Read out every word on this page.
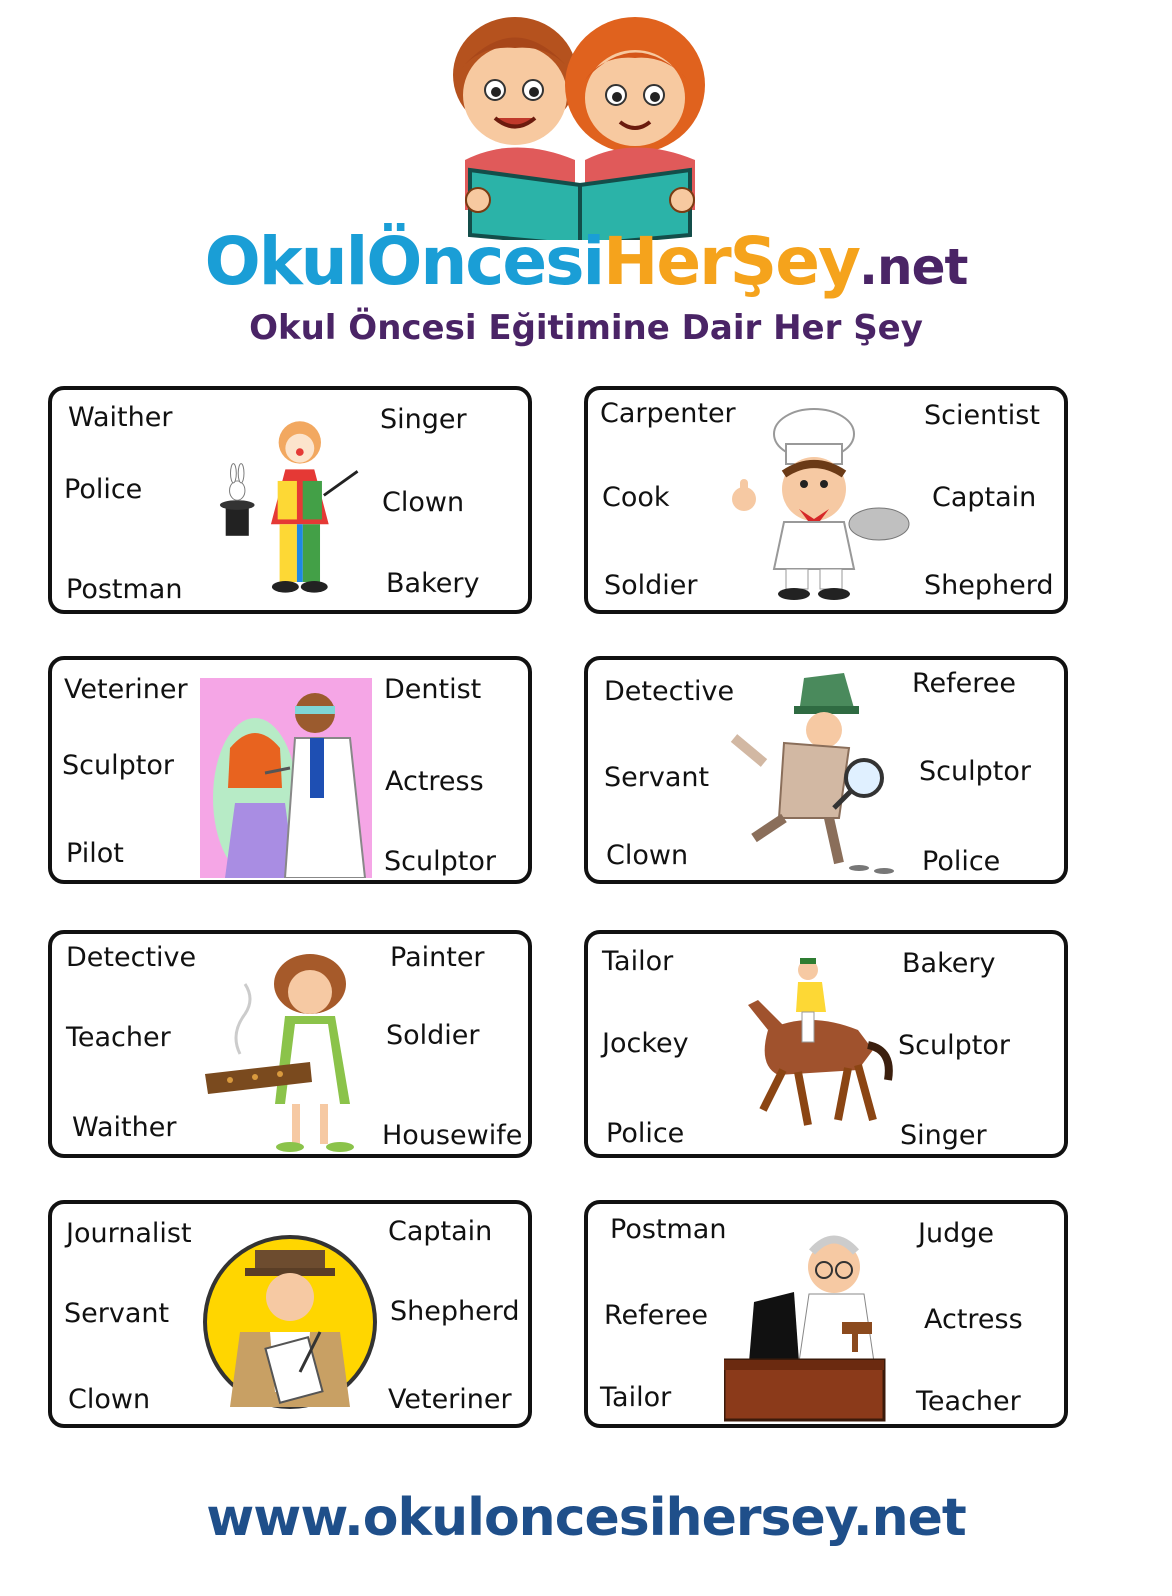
OkulÖncesiHerŞey.net
Okul Öncesi Eğitimine Dair Her Şey
Waither
Police
Postman
Singer
Clown
Bakery
Carpenter
Cook
Soldier
Scientist
Captain
Shepherd
Veteriner
Sculptor
Pilot
Dentist
Actress
Sculptor
Detective
Servant
Clown
Referee
Sculptor
Police
Detective
Teacher
Waither
Painter
Soldier
Housewife
Tailor
Jockey
Police
Bakery
Sculptor
Singer
Journalist
Servant
Clown
Captain
Shepherd
Veteriner
Postman
Referee
Tailor
Judge
Actress
Teacher
www.okuloncesihersey.net
